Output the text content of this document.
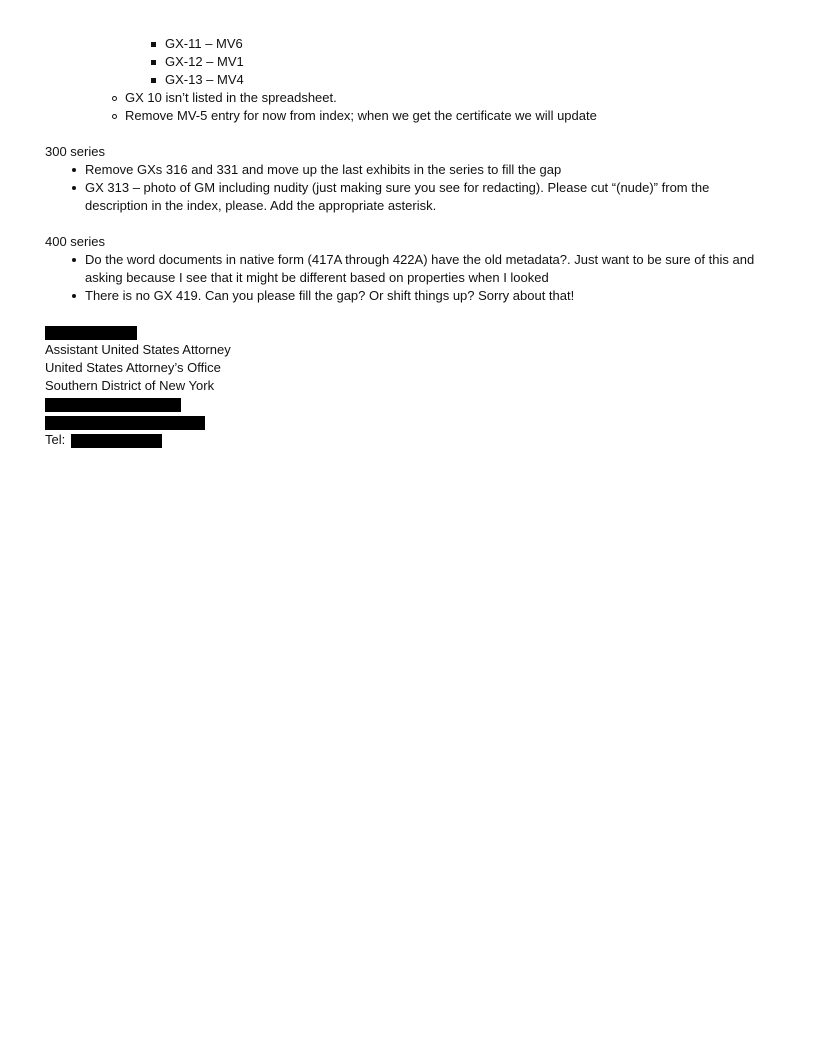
GX-11 – MV6
GX-12 – MV1
GX-13 – MV4
GX 10 isn’t listed in the spreadsheet.
Remove MV-5 entry for now from index; when we get the certificate we will update
300 series
Remove GXs 316 and 331 and move up the last exhibits in the series to fill the gap
GX 313 – photo of GM including nudity (just making sure you see for redacting). Please cut “(nude)” from the description in the index, please. Add the appropriate asterisk.
400 series
Do the word documents in native form (417A through 422A) have the old metadata?. Just want to be sure of this and asking because I see that it might be different based on properties when I looked
There is no GX 419. Can you please fill the gap? Or shift things up? Sorry about that!
Assistant United States Attorney
United States Attorney’s Office
Southern District of New York
Tel:
